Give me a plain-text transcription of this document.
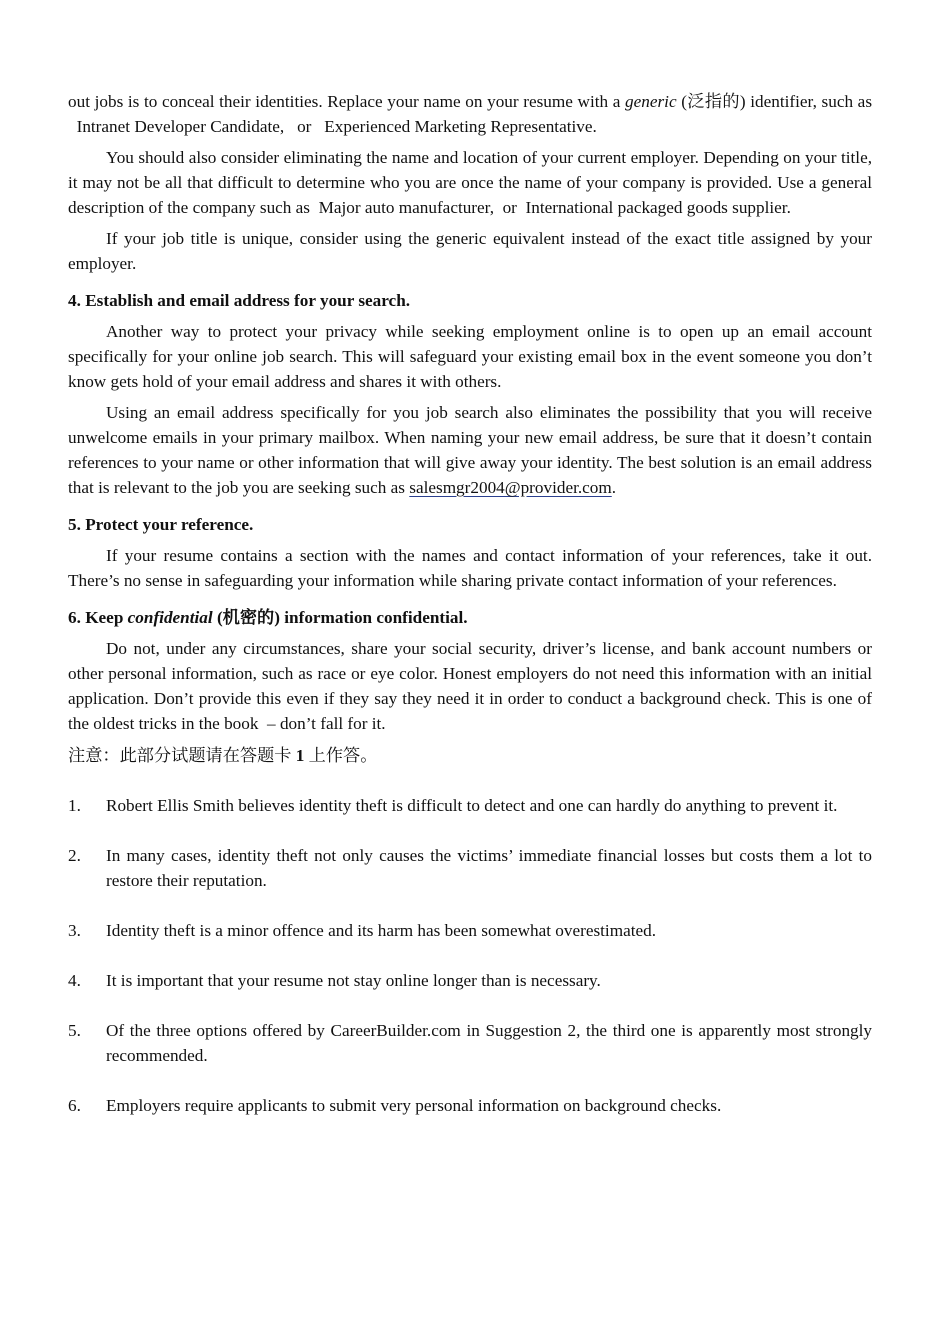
out jobs is to conceal their identities. Replace your name on your resume with a generic (泛指的) identifier, such as   Intranet Developer Candidate,   or   Experienced Marketing Representative.

You should also consider eliminating the name and location of your current employer. Depending on your title, it may not be all that difficult to determine who you are once the name of your company is provided. Use a general description of the company such as  Major auto manufacturer,  or  International packaged goods supplier.

If your job title is unique, consider using the generic equivalent instead of the exact title assigned by your employer.

4. Establish and email address for your search.

Another way to protect your privacy while seeking employment online is to open up an email account specifically for your online job search. This will safeguard your existing email box in the event someone you don’t know gets hold of your email address and shares it with others.

Using an email address specifically for you job search also eliminates the possibility that you will receive unwelcome emails in your primary mailbox. When naming your new email address, be sure that it doesn’t contain references to your name or other information that will give away your identity. The best solution is an email address that is relevant to the job you are seeking such as salesmgr2004@provider.com.

5. Protect your reference.

If your resume contains a section with the names and contact information of your references, take it out. There’s no sense in safeguarding your information while sharing private contact information of your references.

6. Keep confidential (机密的) information confidential.

Do not, under any circumstances, share your social security, driver’s license, and bank account numbers or other personal information, such as race or eye color. Honest employers do not need this information with an initial application. Don’t provide this even if they say they need it in order to conduct a background check. This is one of the oldest tricks in the book  – don’t fall for it.

注意：此部分试题请在答题卡 1 上作答。

1.	Robert Ellis Smith believes identity theft is difficult to detect and one can hardly do anything to prevent it.
2.	In many cases, identity theft not only causes the victims’ immediate financial losses but costs them a lot to restore their reputation.
3.	Identity theft is a minor offence and its harm has been somewhat overestimated.
4.	It is important that your resume not stay online longer than is necessary.
5.	Of the three options offered by CareerBuilder.com in Suggestion 2, the third one is apparently most strongly recommended.
6.	Employers require applicants to submit very personal information on background checks.
